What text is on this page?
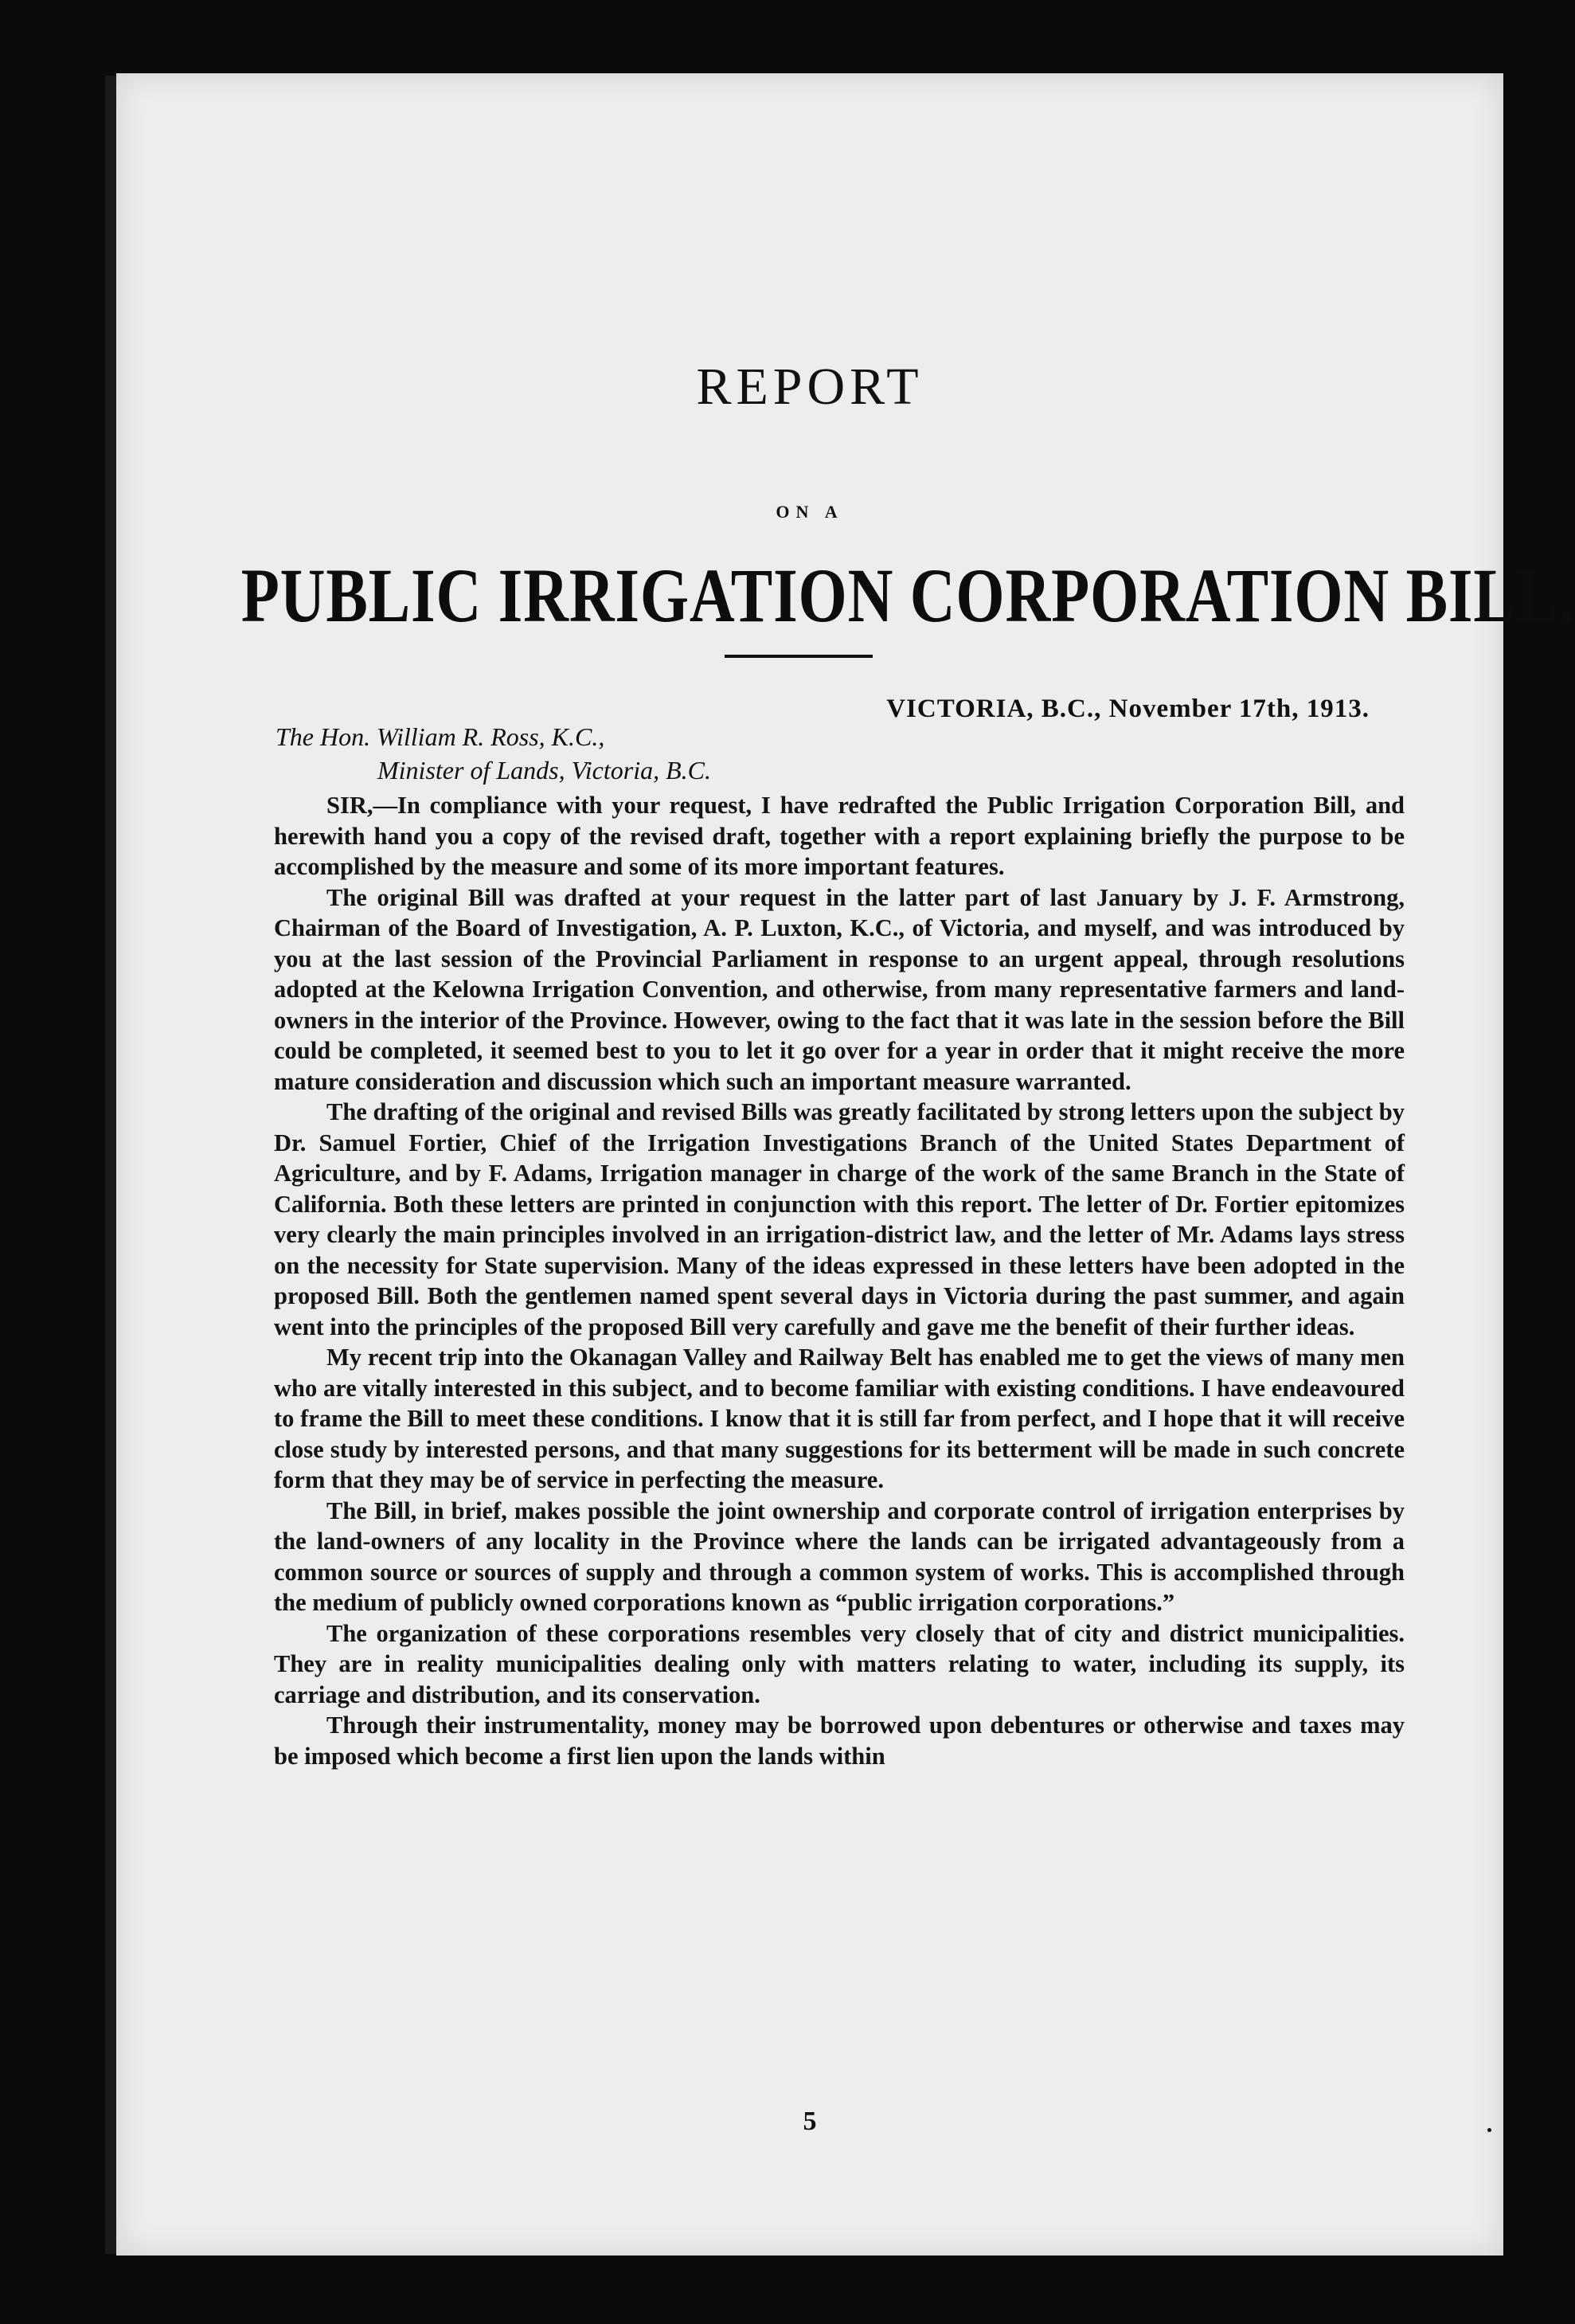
REPORT
ON A
PUBLIC IRRIGATION CORPORATION BILL.
VICTORIA, B.C., November 17th, 1913.
The Hon. William R. Ross, K.C.,
Minister of Lands, Victoria, B.C.

SIR,—In compliance with your request, I have redrafted the Public Irrigation Corporation Bill, and herewith hand you a copy of the revised draft, together with a report explaining briefly the purpose to be accomplished by the measure and some of its more important features.

The original Bill was drafted at your request in the latter part of last January by J. F. Armstrong, Chairman of the Board of Investigation, A. P. Luxton, K.C., of Victoria, and myself, and was introduced by you at the last session of the Provincial Parliament in response to an urgent appeal, through resolutions adopted at the Kelowna Irrigation Convention, and otherwise, from many representative farmers and land-owners in the interior of the Province. However, owing to the fact that it was late in the session before the Bill could be completed, it seemed best to you to let it go over for a year in order that it might receive the more mature consideration and discussion which such an important measure warranted.

The drafting of the original and revised Bills was greatly facilitated by strong letters upon the subject by Dr. Samuel Fortier, Chief of the Irrigation Investigations Branch of the United States Department of Agriculture, and by F. Adams, Irrigation manager in charge of the work of the same Branch in the State of California. Both these letters are printed in conjunction with this report. The letter of Dr. Fortier epitomizes very clearly the main principles involved in an irrigation-district law, and the letter of Mr. Adams lays stress on the necessity for State supervision. Many of the ideas expressed in these letters have been adopted in the proposed Bill. Both the gentlemen named spent several days in Victoria during the past summer, and again went into the principles of the proposed Bill very carefully and gave me the benefit of their further ideas.

My recent trip into the Okanagan Valley and Railway Belt has enabled me to get the views of many men who are vitally interested in this subject, and to become familiar with existing conditions. I have endeavoured to frame the Bill to meet these conditions. I know that it is still far from perfect, and I hope that it will receive close study by interested persons, and that many suggestions for its betterment will be made in such concrete form that they may be of service in perfecting the measure.

The Bill, in brief, makes possible the joint ownership and corporate control of irrigation enterprises by the land-owners of any locality in the Province where the lands can be irrigated advantageously from a common source or sources of supply and through a common system of works. This is accomplished through the medium of publicly owned corporations known as “public irrigation corporations.”

The organization of these corporations resembles very closely that of city and district municipalities. They are in reality municipalities dealing only with matters relating to water, including its supply, its carriage and distribution, and its conservation.

Through their instrumentality, money may be borrowed upon debentures or otherwise and taxes may be imposed which become a first lien upon the lands within

5
